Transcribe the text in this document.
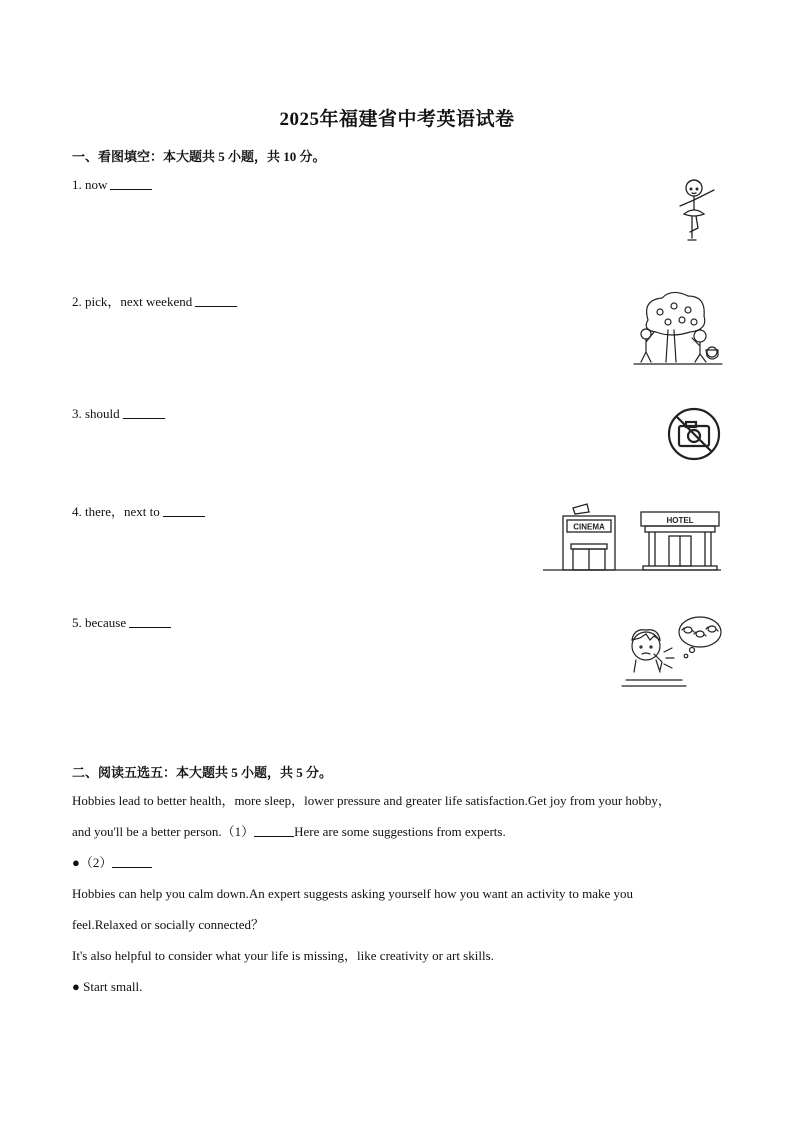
2025年福建省中考英语试卷
一、看图填空：本大题共 5 小题，共 10 分。
1. now
2. pick，next weekend
3. should
4. there，next to
CINEMA
HOTEL
5. because
二、阅读五选五：本大题共 5 小题，共 5 分。

Hobbies lead to better health，more sleep，lower pressure and greater life satisfaction.Get joy from your hobby，

and you'll be a better person.（1）	Here are some suggestions from experts.

●（2）

Hobbies can help you calm down.An expert suggests asking yourself how you want an activity to make you

feel.Relaxed or socially connected？

It's also helpful to consider what your life is missing，like creativity or art skills.

● Start small.
